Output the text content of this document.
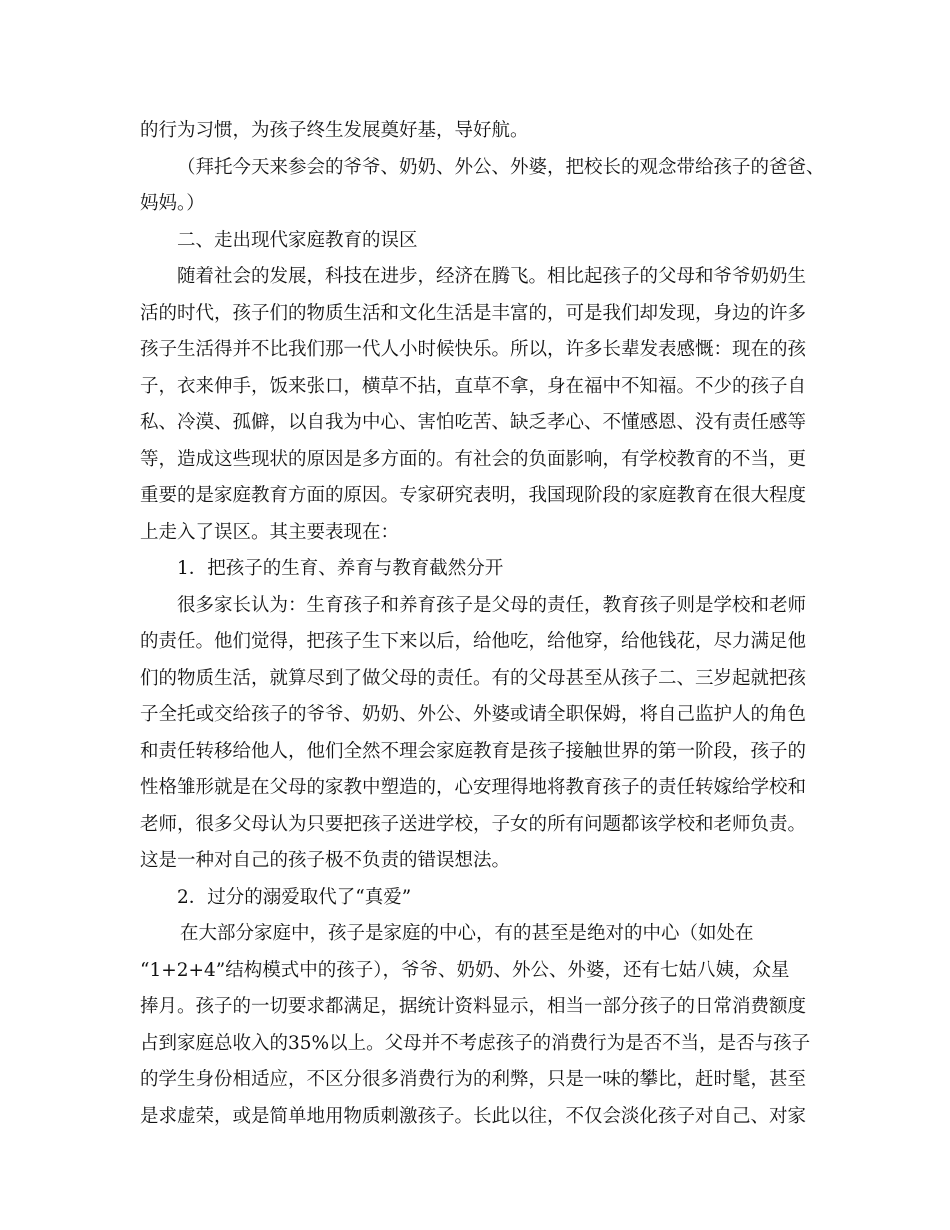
的行为习惯，为孩子终生发展奠好基，导好航。
（拜托今天来参会的爷爷、奶奶、外公、外婆，把校长的观念带给孩子的爸爸、
妈妈。）
二、走出现代家庭教育的误区
随着社会的发展，科技在进步，经济在腾飞。相比起孩子的父母和爷爷奶奶生
活的时代，孩子们的物质生活和文化生活是丰富的，可是我们却发现，身边的许多
孩子生活得并不比我们那一代人小时候快乐。所以，许多长辈发表感慨：现在的孩
子，衣来伸手，饭来张口，横草不拈，直草不拿，身在福中不知福。不少的孩子自
私、冷漠、孤僻，以自我为中心、害怕吃苦、缺乏孝心、不懂感恩、没有责任感等
等，造成这些现状的原因是多方面的。有社会的负面影响，有学校教育的不当，更
重要的是家庭教育方面的原因。专家研究表明，我国现阶段的家庭教育在很大程度
上走入了误区。其主要表现在：
1．把孩子的生育、养育与教育截然分开
很多家长认为：生育孩子和养育孩子是父母的责任，教育孩子则是学校和老师
的责任。他们觉得，把孩子生下来以后，给他吃，给他穿，给他钱花，尽力满足他
们的物质生活，就算尽到了做父母的责任。有的父母甚至从孩子二、三岁起就把孩
子全托或交给孩子的爷爷、奶奶、外公、外婆或请全职保姆，将自己监护人的角色
和责任转移给他人，他们全然不理会家庭教育是孩子接触世界的第一阶段，孩子的
性格雏形就是在父母的家教中塑造的，心安理得地将教育孩子的责任转嫁给学校和
老师，很多父母认为只要把孩子送进学校，子女的所有问题都该学校和老师负责。
这是一种对自己的孩子极不负责的错误想法。
2．过分的溺爱取代了“真爱”
在大部分家庭中，孩子是家庭的中心，有的甚至是绝对的中心（如处在
“1+2+4”结构模式中的孩子），爷爷、奶奶、外公、外婆，还有七姑八姨，众星
捧月。孩子的一切要求都满足，据统计资料显示，相当一部分孩子的日常消费额度
占到家庭总收入的35%以上。父母并不考虑孩子的消费行为是否不当，是否与孩子
的学生身份相适应，不区分很多消费行为的利弊，只是一味的攀比，赶时髦，甚至
是求虚荣，或是简单地用物质刺激孩子。长此以往，不仅会淡化孩子对自己、对家
